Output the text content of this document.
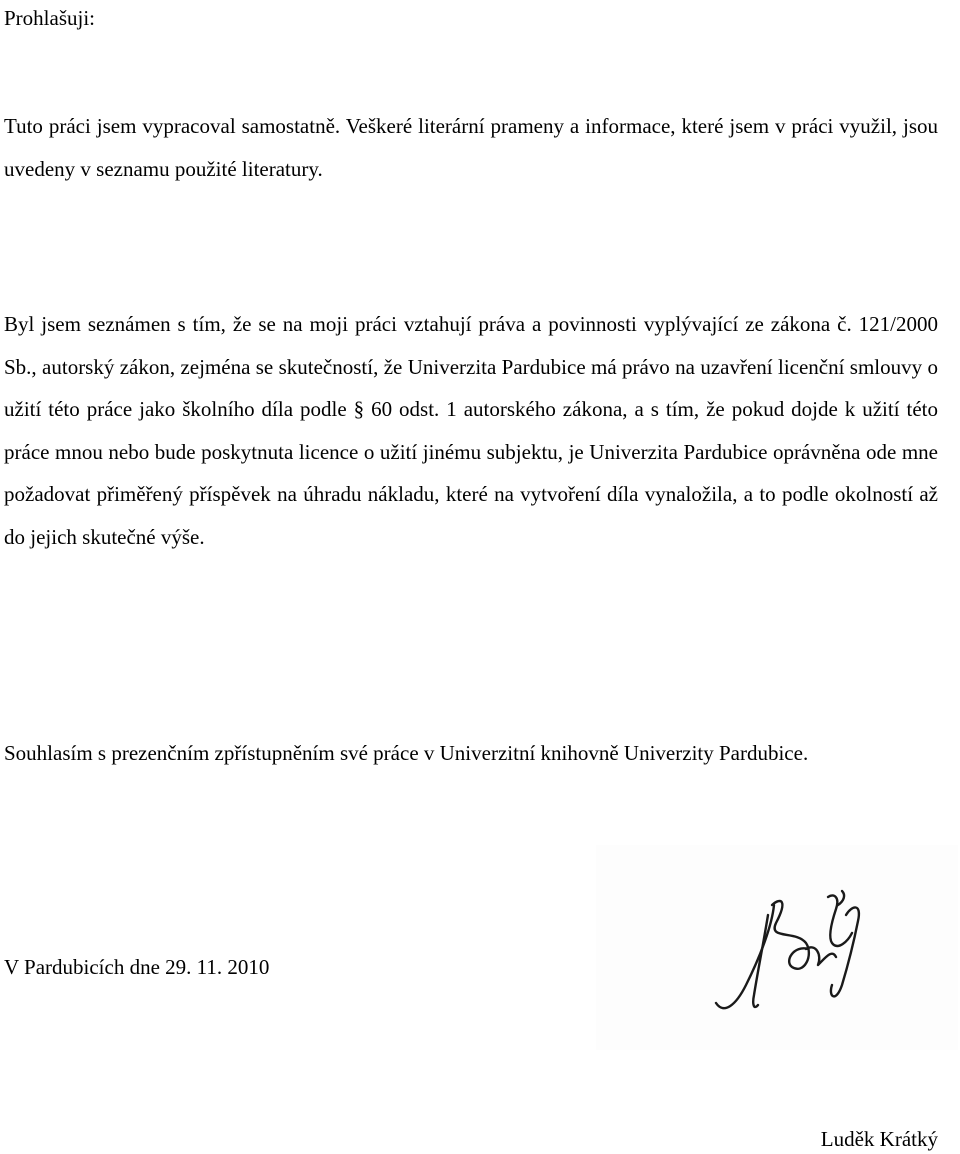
Prohlašuji:

Tuto práci jsem vypracoval samostatně. Veškeré literární prameny a informace, které jsem v práci využil, jsou uvedeny v seznamu použité literatury.

Byl jsem seznámen s tím, že se na moji práci vztahují práva a povinnosti vyplývající ze zákona č. 121/2000 Sb., autorský zákon, zejména se skutečností, že Univerzita Pardubice má právo na uzavření licenční smlouvy o užití této práce jako školního díla podle § 60 odst. 1 autorského zákona, a s tím, že pokud dojde k užití této práce mnou nebo bude poskytnuta licence o užití jinému subjektu, je Univerzita Pardubice oprávněna ode mne požadovat přiměřený příspěvek na úhradu nákladu, které na vytvoření díla vynaložila, a to podle okolností až do jejich skutečné výše.

Souhlasím s prezenčním zpřístupněním své práce v Univerzitní knihovně Univerzity Pardubice.

V Pardubicích dne 29. 11. 2010

Luděk Krátký
